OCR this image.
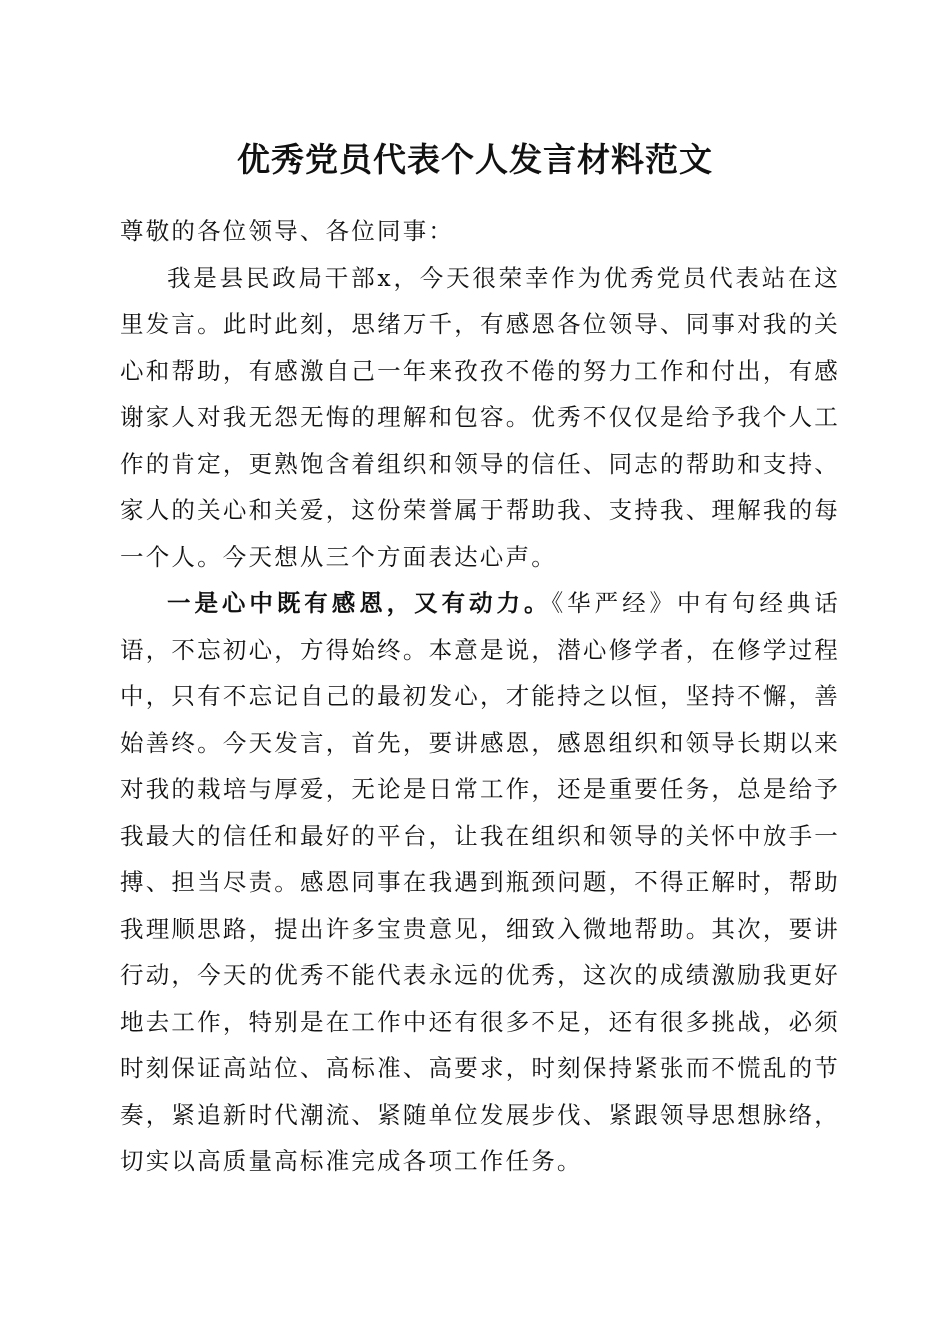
优秀党员代表个人发言材料范文

尊敬的各位领导、各位同事：

我是县民政局干部x，今天很荣幸作为优秀党员代表站在这里发言。此时此刻，思绪万千，有感恩各位领导、同事对我的关心和帮助，有感激自己一年来孜孜不倦的努力工作和付出，有感谢家人对我无怨无悔的理解和包容。优秀不仅仅是给予我个人工作的肯定，更熟饱含着组织和领导的信任、同志的帮助和支持、家人的关心和关爱，这份荣誉属于帮助我、支持我、理解我的每一个人。今天想从三个方面表达心声。

一是心中既有感恩，又有动力。《华严经》中有句经典话语，不忘初心，方得始终。本意是说，潜心修学者，在修学过程中，只有不忘记自己的最初发心，才能持之以恒，坚持不懈，善始善终。今天发言，首先，要讲感恩，感恩组织和领导长期以来对我的栽培与厚爱，无论是日常工作，还是重要任务，总是给予我最大的信任和最好的平台，让我在组织和领导的关怀中放手一搏、担当尽责。感恩同事在我遇到瓶颈问题，不得正解时，帮助我理顺思路，提出许多宝贵意见，细致入微地帮助。其次，要讲行动，今天的优秀不能代表永远的优秀，这次的成绩激励我更好地去工作，特别是在工作中还有很多不足，还有很多挑战，必须时刻保证高站位、高标准、高要求，时刻保持紧张而不慌乱的节奏，紧追新时代潮流、紧随单位发展步伐、紧跟领导思想脉络，切实以高质量高标准完成各项工作任务。
